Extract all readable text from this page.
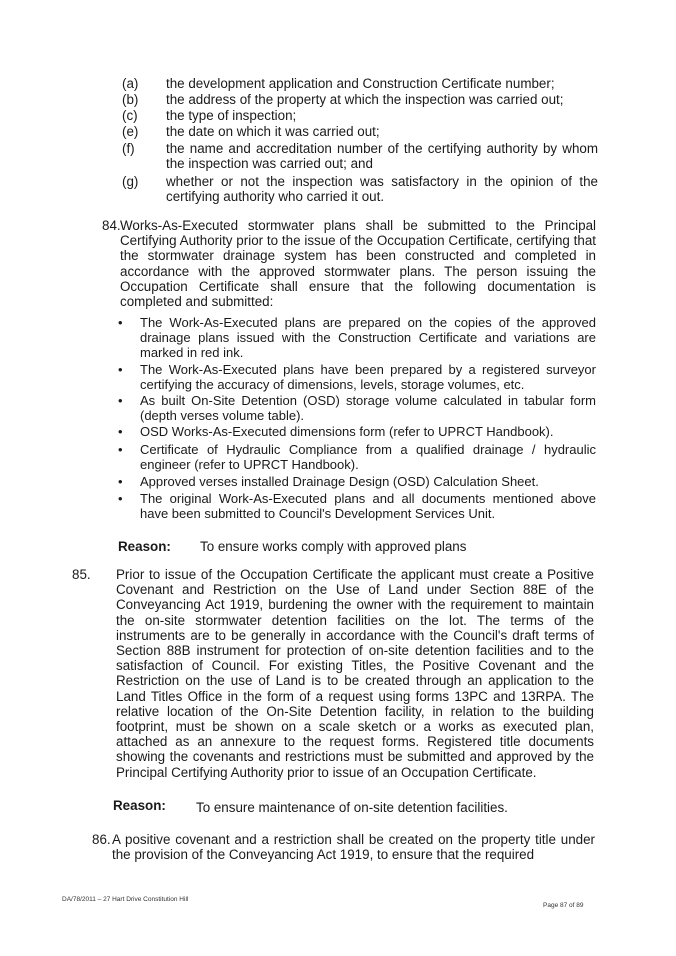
(a) the development application and Construction Certificate number;
(b) the address of the property at which the inspection was carried out;
(c) the type of inspection;
(e) the date on which it was carried out;
(f) the name and accreditation number of the certifying authority by whom the inspection was carried out; and
(g) whether or not the inspection was satisfactory in the opinion of the certifying authority who carried it out.
84. Works-As-Executed stormwater plans shall be submitted to the Principal Certifying Authority prior to the issue of the Occupation Certificate, certifying that the stormwater drainage system has been constructed and completed in accordance with the approved stormwater plans. The person issuing the Occupation Certificate shall ensure that the following documentation is completed and submitted:
• The Work-As-Executed plans are prepared on the copies of the approved drainage plans issued with the Construction Certificate and variations are marked in red ink.
• The Work-As-Executed plans have been prepared by a registered surveyor certifying the accuracy of dimensions, levels, storage volumes, etc.
• As built On-Site Detention (OSD) storage volume calculated in tabular form (depth verses volume table).
• OSD Works-As-Executed dimensions form (refer to UPRCT Handbook).
• Certificate of Hydraulic Compliance from a qualified drainage / hydraulic engineer (refer to UPRCT Handbook).
• Approved verses installed Drainage Design (OSD) Calculation Sheet.
• The original Work-As-Executed plans and all documents mentioned above have been submitted to Council's Development Services Unit.
Reason: To ensure works comply with approved plans
85. Prior to issue of the Occupation Certificate the applicant must create a Positive Covenant and Restriction on the Use of Land under Section 88E of the Conveyancing Act 1919, burdening the owner with the requirement to maintain the on-site stormwater detention facilities on the lot. The terms of the instruments are to be generally in accordance with the Council's draft terms of Section 88B instrument for protection of on-site detention facilities and to the satisfaction of Council. For existing Titles, the Positive Covenant and the Restriction on the use of Land is to be created through an application to the Land Titles Office in the form of a request using forms 13PC and 13RPA. The relative location of the On-Site Detention facility, in relation to the building footprint, must be shown on a scale sketch or a works as executed plan, attached as an annexure to the request forms. Registered title documents showing the covenants and restrictions must be submitted and approved by the Principal Certifying Authority prior to issue of an Occupation Certificate.
Reason: To ensure maintenance of on-site detention facilities.
86. A positive covenant and a restriction shall be created on the property title under the provision of the Conveyancing Act 1919, to ensure that the required
DA/78/2011 – 27 Hart Drive Constitution Hill
Page 87 of 89
